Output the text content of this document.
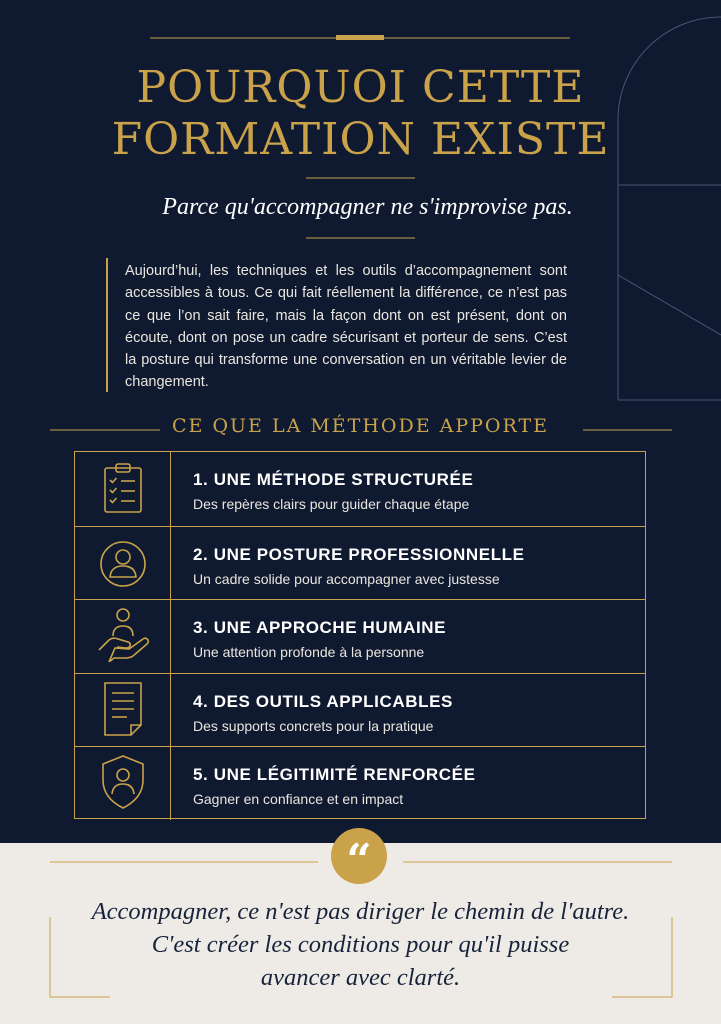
POURQUOI CETTE
FORMATION EXISTE
Parce qu'accompagner ne s'improvise pas.

Aujourd’hui, les techniques et les outils d’accompagnement sont accessibles à tous. Ce qui fait réellement la différence, ce n’est pas ce que l’on sait faire, mais la façon dont on est présent, dont on écoute, dont on pose un cadre sécurisant et porteur de sens. C’est la posture qui transforme une conversation en un véritable levier de changement.

CE QUE LA MÉTHODE APPORTE
1. UNE MÉTHODE STRUCTURÉE
Des repères clairs pour guider chaque étape
2. UNE POSTURE PROFESSIONNELLE
Un cadre solide pour accompagner avec justesse
3. UNE APPROCHE HUMAINE
Une attention profonde à la personne
4. DES OUTILS APPLICABLES
Des supports concrets pour la pratique
5. UNE LÉGITIMITÉ RENFORCÉE
Gagner en confiance et en impact
“
Accompagner, ce n'est pas diriger le chemin de l'autre.
C'est créer les conditions pour qu'il puisse
avancer avec clarté.
